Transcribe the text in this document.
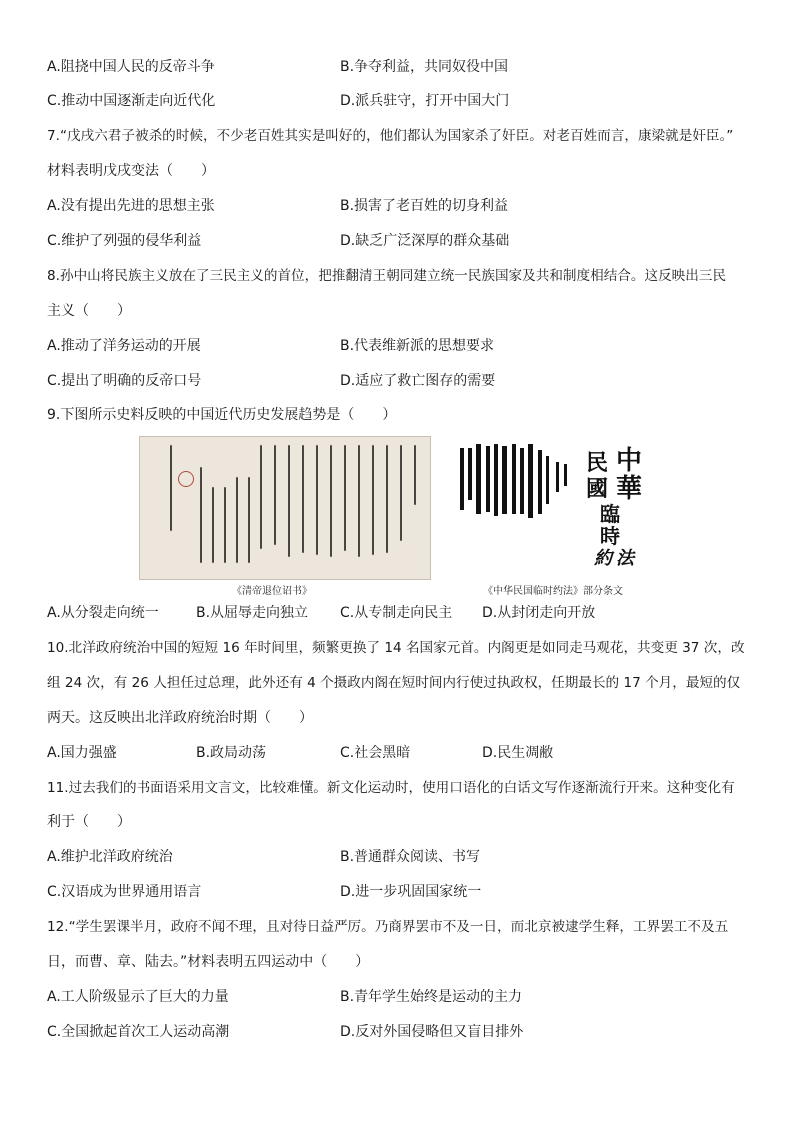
A.阻挠中国人民的反帝斗争	B.争夺利益，共同奴役中国
C.推动中国逐渐走向近代化	D.派兵驻守，打开中国大门
7.“戊戌六君子被杀的时候，不少老百姓其实是叫好的，他们都认为国家杀了奸臣。对老百姓而言，康梁就是奸臣。”
材料表明戊戌变法（　　）
A.没有提出先进的思想主张	B.损害了老百姓的切身利益
C.维护了列强的侵华利益	D.缺乏广泛深厚的群众基础
8.孙中山将民族主义放在了三民主义的首位，把推翻清王朝同建立统一民族国家及共和制度相结合。这反映出三民
主义（　　）
A.推动了洋务运动的开展	B.代表维新派的思想要求
C.提出了明确的反帝口号	D.适应了救亡图存的需要
9.下图所示史料反映的中国近代历史发展趋势是（　　）
《清帝退位诏书》
中
民
華
國
臨
時
約 法
《中华民国临时约法》部分条文
A.从分裂走向统一	B.从屈辱走向独立 C.从专制走向民主 D.从封闭走向开放
10.北洋政府统治中国的短短 16 年时间里，频繁更换了 14 名国家元首。内阁更是如同走马观花，共变更 37 次，改
组 24 次，有 26 人担任过总理，此外还有 4 个摄政内阁在短时间内行使过执政权，任期最长的 17 个月，最短的仅
两天。这反映出北洋政府统治时期（　　）
A.国力强盛	B.政局动荡	C.社会黑暗	D.民生凋敝
11.过去我们的书面语采用文言文，比较难懂。新文化运动时，使用口语化的白话文写作逐渐流行开来。这种变化有
利于（　　）
A.维护北洋政府统治	B.普通群众阅读、书写
C.汉语成为世界通用语言	D.进一步巩固国家统一
12.“学生罢课半月，政府不闻不理，且对待日益严厉。乃商界罢市不及一日，而北京被逮学生释，工界罢工不及五
日，而曹、章、陆去。”材料表明五四运动中（　　）
A.工人阶级显示了巨大的力量	B.青年学生始终是运动的主力
C.全国掀起首次工人运动高潮	D.反对外国侵略但又盲目排外
